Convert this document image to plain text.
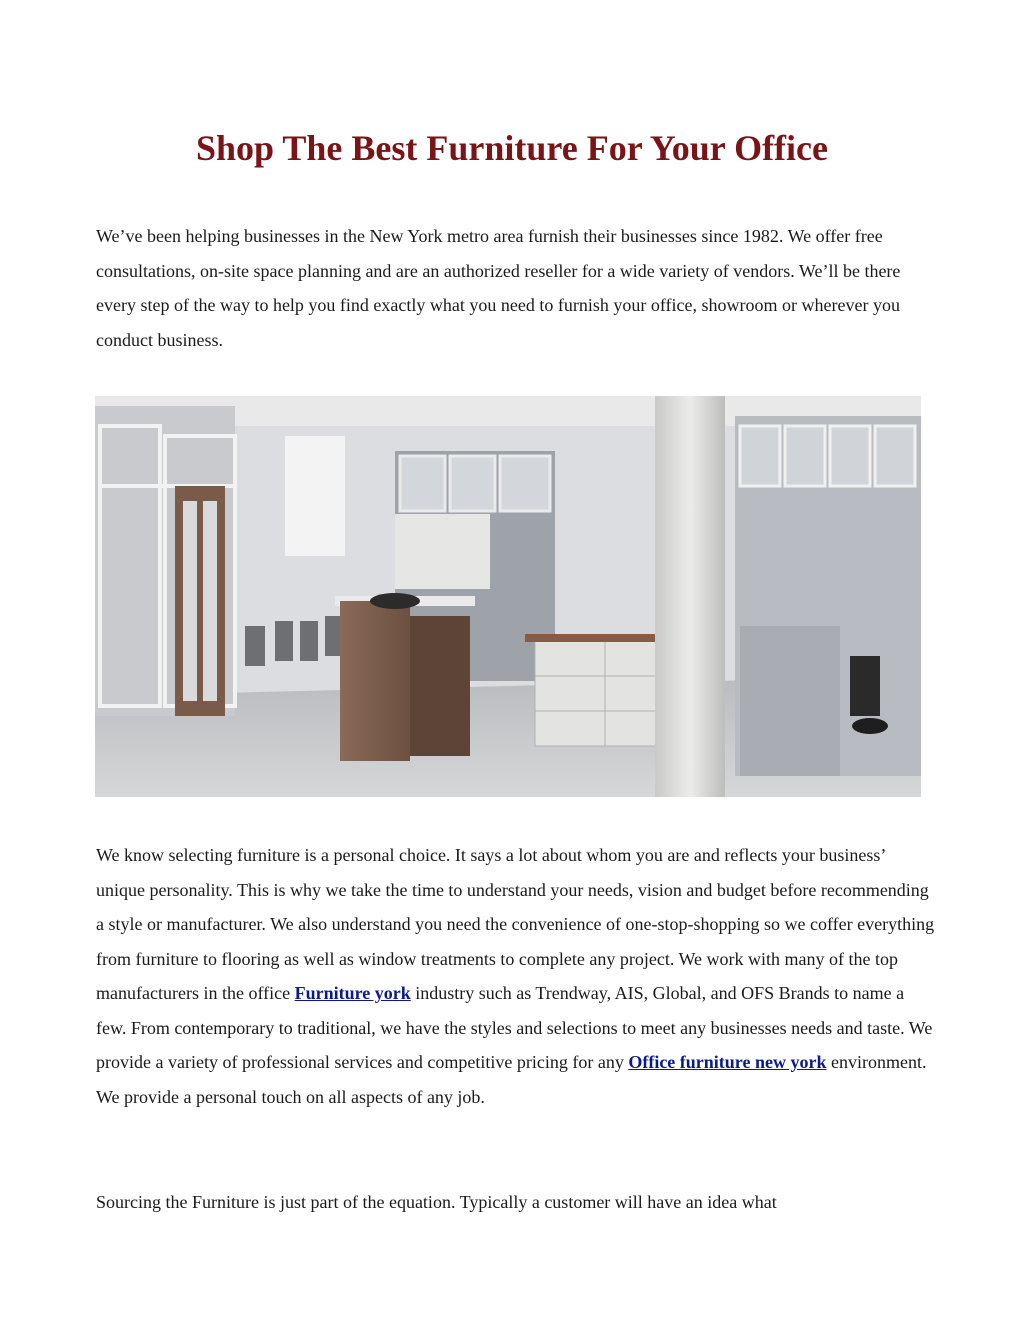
Shop The Best Furniture For Your Office

We’ve been helping businesses in the New York metro area furnish their businesses since 1982. We offer free consultations, on-site space planning and are an authorized reseller for a wide variety of vendors. We’ll be there every step of the way to help you find exactly what you need to furnish your office, showroom or wherever you conduct business.

We know selecting furniture is a personal choice. It says a lot about whom you are and reflects your business’ unique personality. This is why we take the time to understand your needs, vision and budget before recommending a style or manufacturer. We also understand you need the convenience of one-stop-shopping so we coffer everything from furniture to flooring as well as window treatments to complete any project. We work with many of the top manufacturers in the office Furniture york industry such as Trendway, AIS, Global, and OFS Brands to name a few. From contemporary to traditional, we have the styles and selections to meet any businesses needs and taste. We provide a variety of professional services and competitive pricing for any Office furniture new york environment. We provide a personal touch on all aspects of any job.

Sourcing the Furniture is just part of the equation. Typically a customer will have an idea what
